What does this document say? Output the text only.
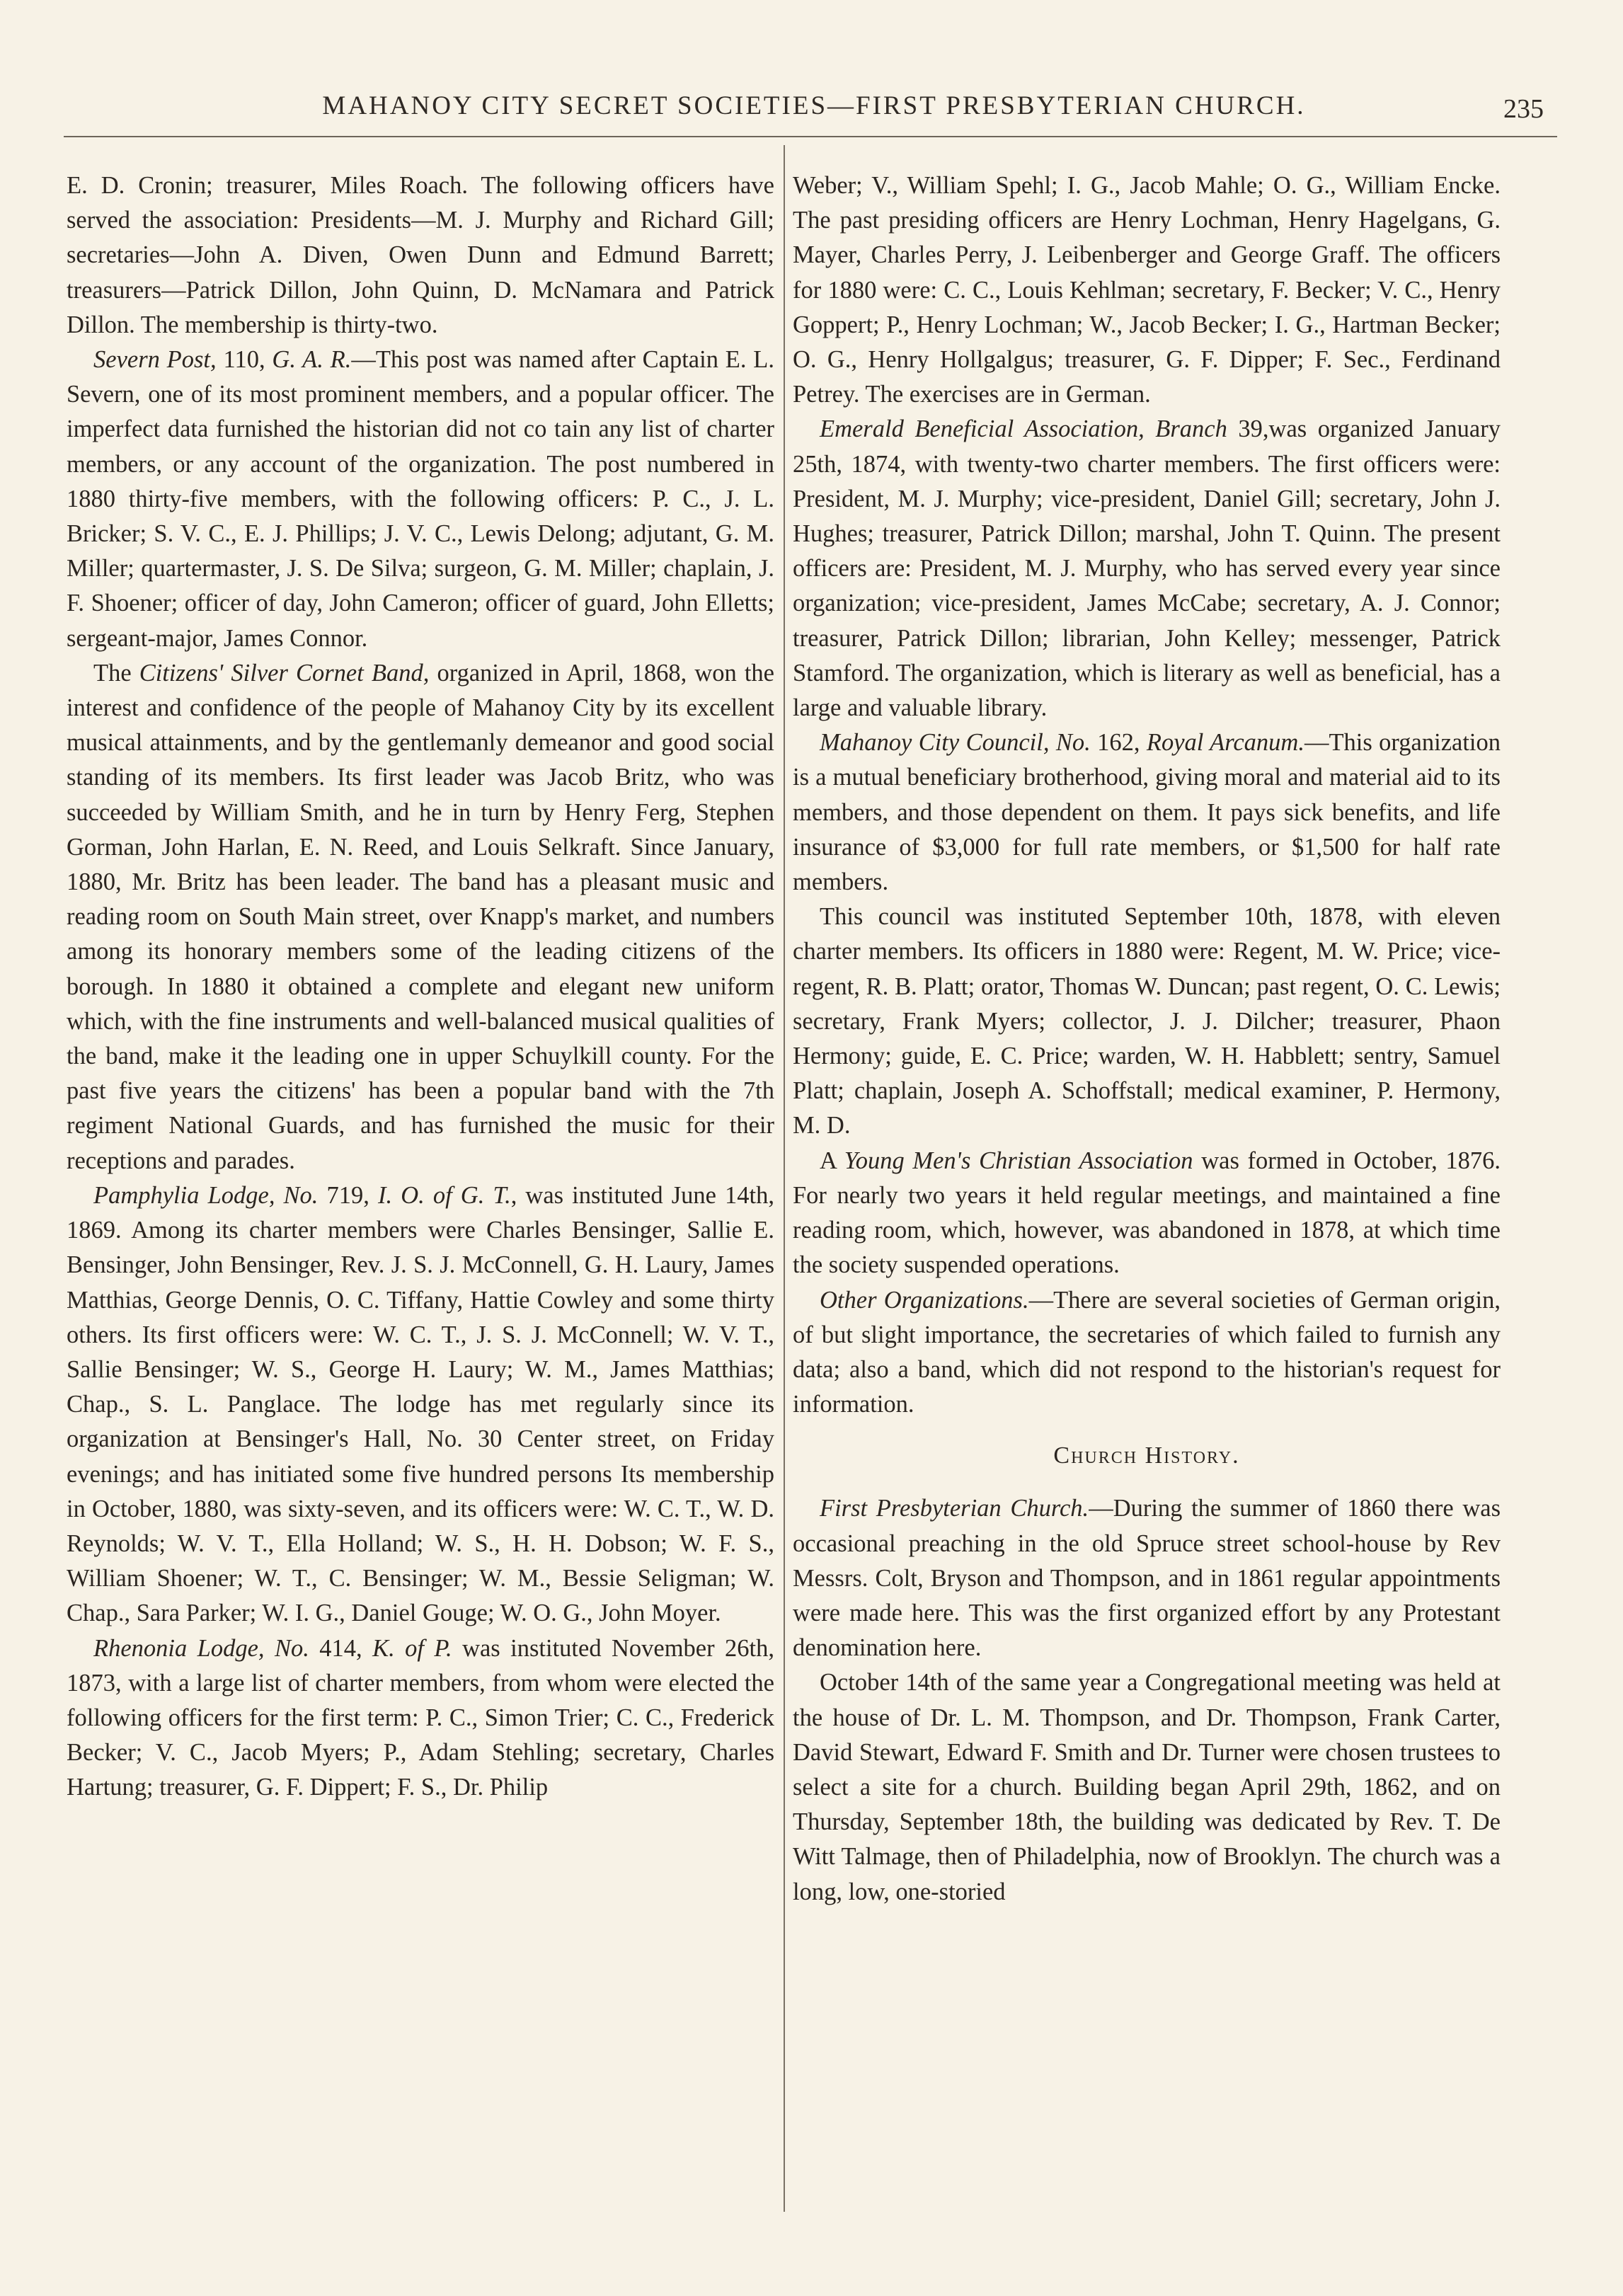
MAHANOY CITY SECRET SOCIETIES—FIRST PRESBYTERIAN CHURCH.	235

E. D. Cronin; treasurer, Miles Roach. The following officers have served the association: Presidents—M. J. Murphy and Richard Gill; secretaries—John A. Diven, Owen Dunn and Edmund Barrett; treasurers—Patrick Dillon, John Quinn, D. McNamara and Patrick Dillon. The membership is thirty-two.

Severn Post, 110, G. A. R.—This post was named after Captain E. L. Severn, one of its most prominent members, and a popular officer. The imperfect data furnished the historian did not co tain any list of charter members, or any account of the organization. The post numbered in 1880 thirty-five members, with the following officers: P. C., J. L. Bricker; S. V. C., E. J. Phillips; J. V. C., Lewis Delong; adjutant, G. M. Miller; quartermaster, J. S. De Silva; surgeon, G. M. Miller; chaplain, J. F. Shoener; officer of day, John Cameron; officer of guard, John Elletts; sergeant-major, James Connor.

The Citizens' Silver Cornet Band, organized in April, 1868, won the interest and confidence of the people of Mahanoy City by its excellent musical attainments, and by the gentlemanly demeanor and good social standing of its members. Its first leader was Jacob Britz, who was succeeded by William Smith, and he in turn by Henry Ferg, Stephen Gorman, John Harlan, E. N. Reed, and Louis Selkraft. Since January, 1880, Mr. Britz has been leader. The band has a pleasant music and reading room on South Main street, over Knapp's market, and numbers among its honorary members some of the leading citizens of the borough. In 1880 it obtained a complete and elegant new uniform which, with the fine instruments and well-balanced musical qualities of the band, make it the leading one in upper Schuylkill county. For the past five years the citizens' has been a popular band with the 7th regiment National Guards, and has furnished the music for their receptions and parades.

Pamphylia Lodge, No. 719, I. O. of G. T., was instituted June 14th, 1869. Among its charter members were Charles Bensinger, Sallie E. Bensinger, John Bensinger, Rev. J. S. J. McConnell, G. H. Laury, James Matthias, George Dennis, O. C. Tiffany, Hattie Cowley and some thirty others. Its first officers were: W. C. T., J. S. J. McConnell; W. V. T., Sallie Bensinger; W. S., George H. Laury; W. M., James Matthias; Chap., S. L. Panglace. The lodge has met regularly since its organization at Bensinger's Hall, No. 30 Center street, on Friday evenings; and has initiated some five hundred persons Its membership in October, 1880, was sixty-seven, and its officers were: W. C. T., W. D. Reynolds; W. V. T., Ella Holland; W. S., H. H. Dobson; W. F. S., William Shoener; W. T., C. Bensinger; W. M., Bessie Seligman; W. Chap., Sara Parker; W. I. G., Daniel Gouge; W. O. G., John Moyer.

Rhenonia Lodge, No. 414, K. of P. was instituted November 26th, 1873, with a large list of charter members, from whom were elected the following officers for the first term: P. C., Simon Trier; C. C., Frederick Becker; V. C., Jacob Myers; P., Adam Stehling; secretary, Charles Hartung; treasurer, G. F. Dippert; F. S., Dr. Philip

Weber; V., William Spehl; I. G., Jacob Mahle; O. G., William Encke. The past presiding officers are Henry Lochman, Henry Hagelgans, G. Mayer, Charles Perry, J. Leibenberger and George Graff. The officers for 1880 were: C. C., Louis Kehlman; secretary, F. Becker; V. C., Henry Goppert; P., Henry Lochman; W., Jacob Becker; I. G., Hartman Becker; O. G., Henry Hollgalgus; treasurer, G. F. Dipper; F. Sec., Ferdinand Petrey. The exercises are in German.

Emerald Beneficial Association, Branch 39,was organized January 25th, 1874, with twenty-two charter members. The first officers were: President, M. J. Murphy; vice-president, Daniel Gill; secretary, John J. Hughes; treasurer, Patrick Dillon; marshal, John T. Quinn. The present officers are: President, M. J. Murphy, who has served every year since organization; vice-president, James McCabe; secretary, A. J. Connor; treasurer, Patrick Dillon; librarian, John Kelley; messenger, Patrick Stamford. The organization, which is literary as well as beneficial, has a large and valuable library.

Mahanoy City Council, No. 162, Royal Arcanum.—This organization is a mutual beneficiary brotherhood, giving moral and material aid to its members, and those dependent on them. It pays sick benefits, and life insurance of $3,000 for full rate members, or $1,500 for half rate members.

This council was instituted September 10th, 1878, with eleven charter members. Its officers in 1880 were: Regent, M. W. Price; vice-regent, R. B. Platt; orator, Thomas W. Duncan; past regent, O. C. Lewis; secretary, Frank Myers; collector, J. J. Dilcher; treasurer, Phaon Hermony; guide, E. C. Price; warden, W. H. Habblett; sentry, Samuel Platt; chaplain, Joseph A. Schoffstall; medical examiner, P. Hermony, M. D.

A Young Men's Christian Association was formed in October, 1876. For nearly two years it held regular meetings, and maintained a fine reading room, which, however, was abandoned in 1878, at which time the society suspended operations.

Other Organizations.—There are several societies of German origin, of but slight importance, the secretaries of which failed to furnish any data; also a band, which did not respond to the historian's request for information.

Church History.

First Presbyterian Church.—During the summer of 1860 there was occasional preaching in the old Spruce street school-house by Rev Messrs. Colt, Bryson and Thompson, and in 1861 regular appointments were made here. This was the first organized effort by any Protestant denomination here.

October 14th of the same year a Congregational meeting was held at the house of Dr. L. M. Thompson, and Dr. Thompson, Frank Carter, David Stewart, Edward F. Smith and Dr. Turner were chosen trustees to select a site for a church. Building began April 29th, 1862, and on Thursday, September 18th, the building was dedicated by Rev. T. De Witt Talmage, then of Philadelphia, now of Brooklyn. The church was a long, low, one-storied
